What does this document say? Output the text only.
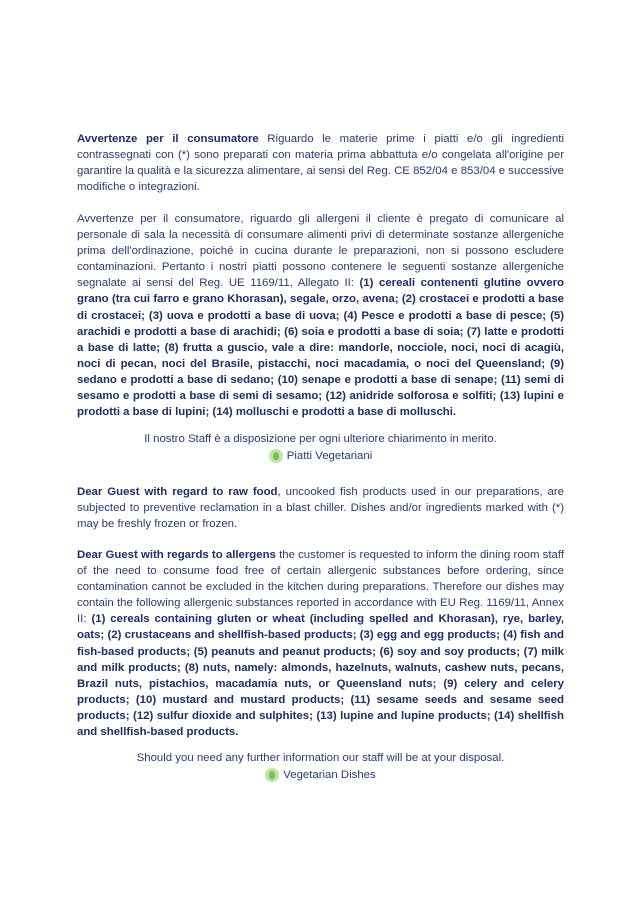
Avvertenze per il consumatore Riguardo le materie prime i piatti e/o gli ingredienti contrassegnati con (*) sono preparati con materia prima abbattuta e/o congelata all'origine per garantire la qualità e la sicurezza alimentare, ai sensi del Reg. CE 852/04 e 853/04 e successive modifiche o integrazioni.

Avvertenze per il consumatore, riguardo gli allergeni il cliente è pregato di comunicare al personale di sala la necessità di consumare alimenti privi di determinate sostanze allergeniche prima dell'ordinazione, poiché in cucina durante le preparazioni, non si possono escludere contaminazioni. Pertanto i nostri piatti possono contenere le seguenti sostanze allergeniche segnalate ai sensi del Reg. UE 1169/11, Allegato II: (1) cereali contenenti glutine ovvero grano (tra cui farro e grano Khorasan), segale, orzo, avena; (2) crostacei e prodotti a base di crostacei; (3) uova e prodotti a base di uova; (4) Pesce e prodotti a base di pesce; (5) arachidi e prodotti a base di arachidi; (6) soia e prodotti a base di soia; (7) latte e prodotti a base di latte; (8) frutta a guscio, vale a dire: mandorle, nocciole, noci, noci di acagiù, noci di pecan, noci del Brasile, pistacchi, noci macadamia, o noci del Queensland; (9) sedano e prodotti a base di sedano; (10) senape e prodotti a base di senape; (11) semi di sesamo e prodotti a base di semi di sesamo; (12) anidride solforosa e solfiti; (13) lupini e prodotti a base di lupini; (14) molluschi e prodotti a base di molluschi.

Il nostro Staff è a disposizione per ogni ulteriore chiarimento in merito.

Piatti Vegetariani

Dear Guest with regard to raw food, uncooked fish products used in our preparations, are subjected to preventive reclamation in a blast chiller. Dishes and/or ingredients marked with (*) may be freshly frozen or frozen.

Dear Guest with regards to allergens the customer is requested to inform the dining room staff of the need to consume food free of certain allergenic substances before ordering, since contamination cannot be excluded in the kitchen during preparations. Therefore our dishes may contain the following allergenic substances reported in accordance with EU Reg. 1169/11, Annex II: (1) cereals containing gluten or wheat (including spelled and Khorasan), rye, barley, oats; (2) crustaceans and shellfish-based products; (3) egg and egg products; (4) fish and fish-based products; (5) peanuts and peanut products; (6) soy and soy products; (7) milk and milk products; (8) nuts, namely: almonds, hazelnuts, walnuts, cashew nuts, pecans, Brazil nuts, pistachios, macadamia nuts, or Queensland nuts; (9) celery and celery products; (10) mustard and mustard products; (11) sesame seeds and sesame seed products; (12) sulfur dioxide and sulphites; (13) lupine and lupine products; (14) shellfish and shellfish-based products.

Should you need any further information our staff will be at your disposal.

Vegetarian Dishes
